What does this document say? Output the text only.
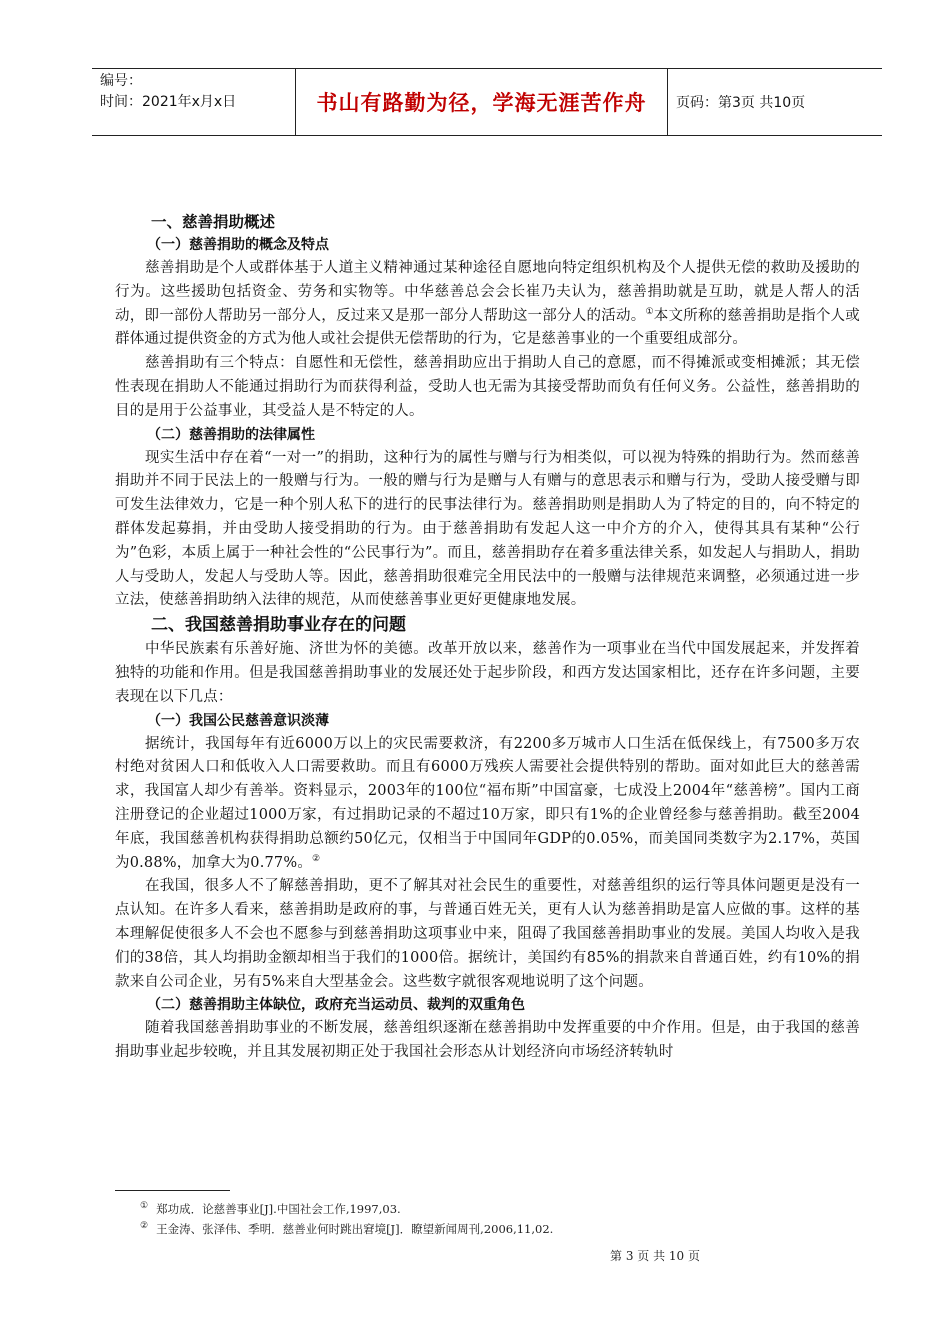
编号：
时间：2021年x月x日	书山有路勤为径，学海无涯苦作舟	页码：第3页 共10页
一、慈善捐助概述
（一）慈善捐助的概念及特点

慈善捐助是个人或群体基于人道主义精神通过某种途径自愿地向特定组织机构及个人提供无偿的救助及援助的行为。这些援助包括资金、劳务和实物等。中华慈善总会会长崔乃夫认为，慈善捐助就是互助，就是人帮人的活动，即一部份人帮助另一部分人，反过来又是那一部分人帮助这一部分人的活动。①本文所称的慈善捐助是指个人或群体通过提供资金的方式为他人或社会提供无偿帮助的行为，它是慈善事业的一个重要组成部分。

慈善捐助有三个特点：自愿性和无偿性，慈善捐助应出于捐助人自己的意愿，而不得摊派或变相摊派；其无偿性表现在捐助人不能通过捐助行为而获得利益，受助人也无需为其接受帮助而负有任何义务。公益性，慈善捐助的目的是用于公益事业，其受益人是不特定的人。

（二）慈善捐助的法律属性

现实生活中存在着“一对一”的捐助，这种行为的属性与赠与行为相类似，可以视为特殊的捐助行为。然而慈善捐助并不同于民法上的一般赠与行为。一般的赠与行为是赠与人有赠与的意思表示和赠与行为，受助人接受赠与即可发生法律效力，它是一种个别人私下的进行的民事法律行为。慈善捐助则是捐助人为了特定的目的，向不特定的群体发起募捐，并由受助人接受捐助的行为。由于慈善捐助有发起人这一中介方的介入，使得其具有某种“公行为”色彩，本质上属于一种社会性的“公民事行为”。而且，慈善捐助存在着多重法律关系，如发起人与捐助人，捐助人与受助人，发起人与受助人等。因此，慈善捐助很难完全用民法中的一般赠与法律规范来调整，必须通过进一步立法，使慈善捐助纳入法律的规范，从而使慈善事业更好更健康地发展。

二、我国慈善捐助事业存在的问题

中华民族素有乐善好施、济世为怀的美德。改革开放以来，慈善作为一项事业在当代中国发展起来，并发挥着独特的功能和作用。但是我国慈善捐助事业的发展还处于起步阶段，和西方发达国家相比，还存在许多问题，主要表现在以下几点：

（一）我国公民慈善意识淡薄

据统计，我国每年有近6000万以上的灾民需要救济，有2200多万城市人口生活在低保线上，有7500多万农村绝对贫困人口和低收入人口需要救助。而且有6000万残疾人需要社会提供特别的帮助。面对如此巨大的慈善需求，我国富人却少有善举。资料显示，2003年的100位“福布斯”中国富豪，七成没上2004年“慈善榜”。国内工商注册登记的企业超过1000万家，有过捐助记录的不超过10万家，即只有1%的企业曾经参与慈善捐助。截至2004年底，我国慈善机构获得捐助总额约50亿元，仅相当于中国同年GDP的0.05%，而美国同类数字为2.17%，英国为0.88%，加拿大为0.77%。②

在我国，很多人不了解慈善捐助，更不了解其对社会民生的重要性，对慈善组织的运行等具体问题更是没有一点认知。在许多人看来，慈善捐助是政府的事，与普通百姓无关，更有人认为慈善捐助是富人应做的事。这样的基本理解促使很多人不会也不愿参与到慈善捐助这项事业中来，阻碍了我国慈善捐助事业的发展。美国人均收入是我们的38倍，其人均捐助金额却相当于我们的1000倍。据统计，美国约有85%的捐款来自普通百姓，约有10%的捐款来自公司企业，另有5%来自大型基金会。这些数字就很客观地说明了这个问题。

（二）慈善捐助主体缺位，政府充当运动员、裁判的双重角色

随着我国慈善捐助事业的不断发展，慈善组织逐渐在慈善捐助中发挥重要的中介作用。但是，由于我国的慈善捐助事业起步较晚，并且其发展初期正处于我国社会形态从计划经济向市场经济转轨时

① 郑功成．论慈善事业[J].中国社会工作,1997,03.

② 王金涛、张泽伟、季明．慈善业何时跳出窘境[J]．瞭望新闻周刊,2006,11,02.

第 3 页 共 10 页
